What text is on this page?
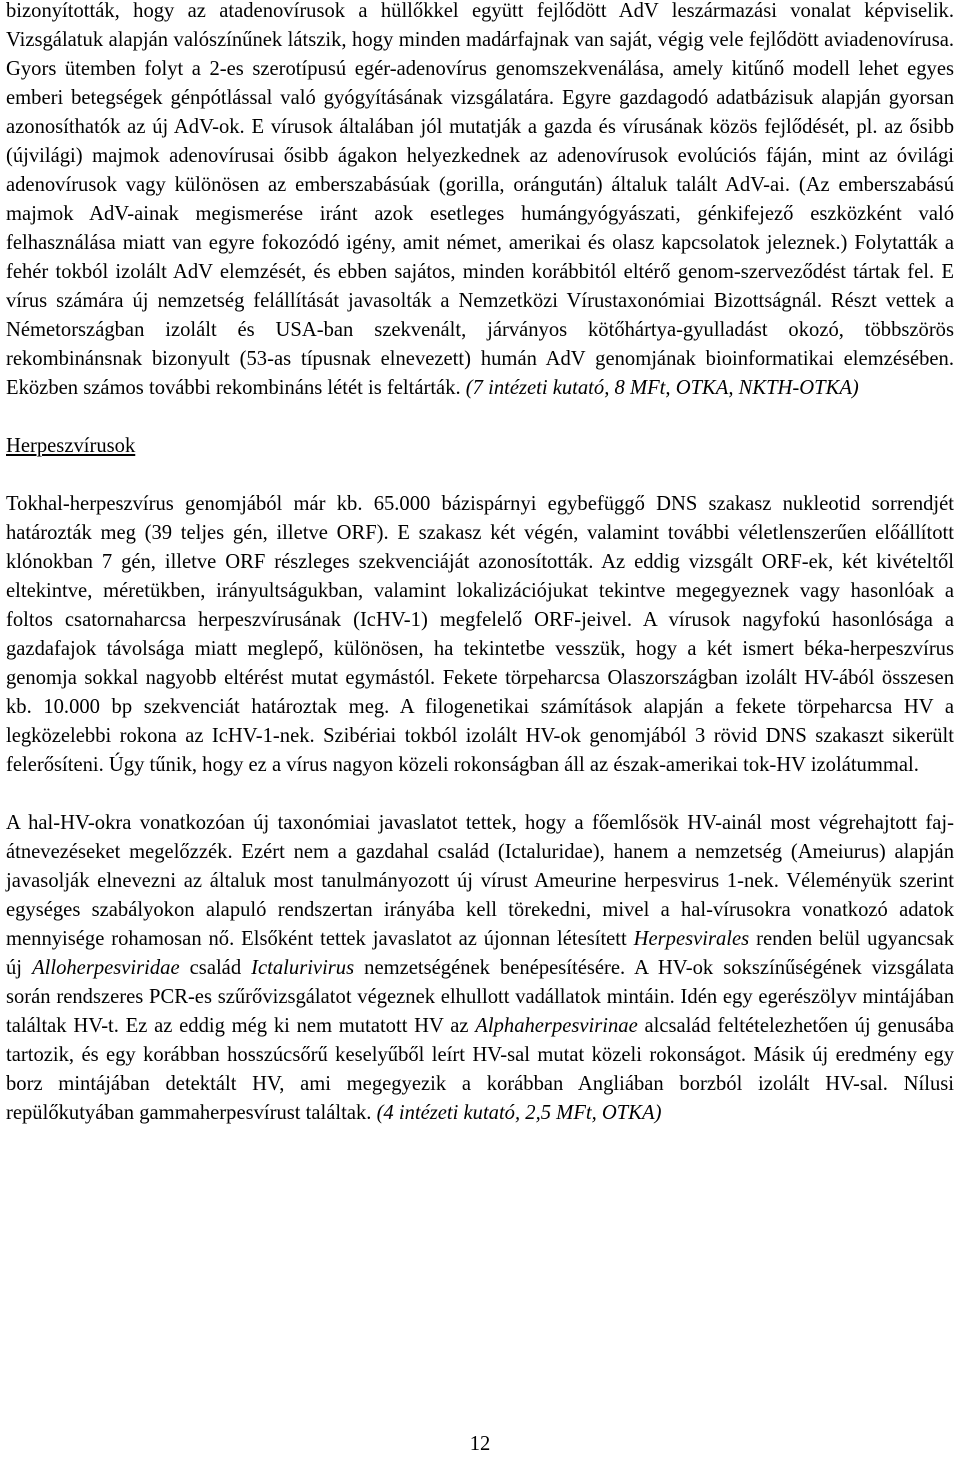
bizonyították, hogy az atadenovírusok a hüllőkkel együtt fejlődött AdV leszármazási vonalat képviselik. Vizsgálatuk alapján valószínűnek látszik, hogy minden madárfajnak van saját, végig vele fejlődött aviadenovírusa. Gyors ütemben folyt a 2-es szerotípusú egér-adenovírus genomszekvenálása, amely kitűnő modell lehet egyes emberi betegségek génpótlással való gyógyításának vizsgálatára. Egyre gazdagodó adatbázisuk alapján gyorsan azonosíthatók az új AdV-ok. E vírusok általában jól mutatják a gazda és vírusának közös fejlődését, pl. az ősibb (újvilági) majmok adenovírusai ősibb ágakon helyezkednek az adenovírusok evolúciós fáján, mint az óvilági adenovírusok vagy különösen az emberszabásúak (gorilla, orángután) általuk talált AdV-ai. (Az emberszabású majmok AdV-ainak megismerése iránt azok esetleges humángyógyászati, génkifejező eszközként való felhasználása miatt van egyre fokozódó igény, amit német, amerikai és olasz kapcsolatok jeleznek.) Folytatták a fehér tokból izolált AdV elemzését, és ebben sajátos, minden korábbitól eltérő genom-szerveződést tártak fel. E vírus számára új nemzetség felállítását javasolták a Nemzetközi Vírustaxonómiai Bizottságnál. Részt vettek a Németországban izolált és USA-ban szekvenált, járványos kötőhártya-gyulladást okozó, többszörös rekombinánsnak bizonyult (53-as típusnak elnevezett) humán AdV genomjának bioinformatikai elemzésében. Eközben számos további rekombináns létét is feltárták. (7 intézeti kutató, 8 MFt, OTKA, NKTH-OTKA)

Herpeszvírusok

Tokhal-herpeszvírus genomjából már kb. 65.000 bázispárnyi egybefüggő DNS szakasz nukleotid sorrendjét határozták meg (39 teljes gén, illetve ORF). E szakasz két végén, valamint további véletlenszerűen előállított klónokban 7 gén, illetve ORF részleges szekvenciáját azonosították. Az eddig vizsgált ORF-ek, két kivételtől eltekintve, méretükben, irányultságukban, valamint lokalizációjukat tekintve megegyeznek vagy hasonlóak a foltos csatornaharcsa herpeszvírusának (IcHV-1) megfelelő ORF-jeivel. A vírusok nagyfokú hasonlósága a gazdafajok távolsága miatt meglepő, különösen, ha tekintetbe vesszük, hogy a két ismert béka-herpeszvírus genomja sokkal nagyobb eltérést mutat egymástól. Fekete törpeharcsa Olaszországban izolált HV-ából összesen kb. 10.000 bp szekvenciát határoztak meg. A filogenetikai számítások alapján a fekete törpeharcsa HV a legközelebbi rokona az IcHV-1-nek. Szibériai tokból izolált HV-ok genomjából 3 rövid DNS szakaszt sikerült felerősíteni. Úgy tűnik, hogy ez a vírus nagyon közeli rokonságban áll az észak-amerikai tok-HV izolátummal.

A hal-HV-okra vonatkozóan új taxonómiai javaslatot tettek, hogy a főemlősök HV-ainál most végrehajtott faj-átnevezéseket megelőzzék. Ezért nem a gazdahal család (Ictaluridae), hanem a nemzetség (Ameiurus) alapján javasolják elnevezni az általuk most tanulmányozott új vírust Ameurine herpesvirus 1-nek. Véleményük szerint egységes szabályokon alapuló rendszertan irányába kell törekedni, mivel a hal-vírusokra vonatkozó adatok mennyisége rohamosan nő. Elsőként tettek javaslatot az újonnan létesített Herpesvirales renden belül ugyancsak új Alloherpesviridae család Ictalurivirus nemzetségének benépesítésére. A HV-ok sokszínűségének vizsgálata során rendszeres PCR-es szűrővizsgálatot végeznek elhullott vadállatok mintáin. Idén egy egerészölyv mintájában találtak HV-t. Ez az eddig még ki nem mutatott HV az Alphaherpesvirinae alcsalád feltételezhetően új genusába tartozik, és egy korábban hosszúcsőrű keselyűből leírt HV-sal mutat közeli rokonságot. Másik új eredmény egy borz mintájában detektált HV, ami megegyezik a korábban Angliában borzból izolált HV-sal. Nílusi repülőkutyában gammaherpesvírust találtak. (4 intézeti kutató, 2,5 MFt, OTKA)

12
